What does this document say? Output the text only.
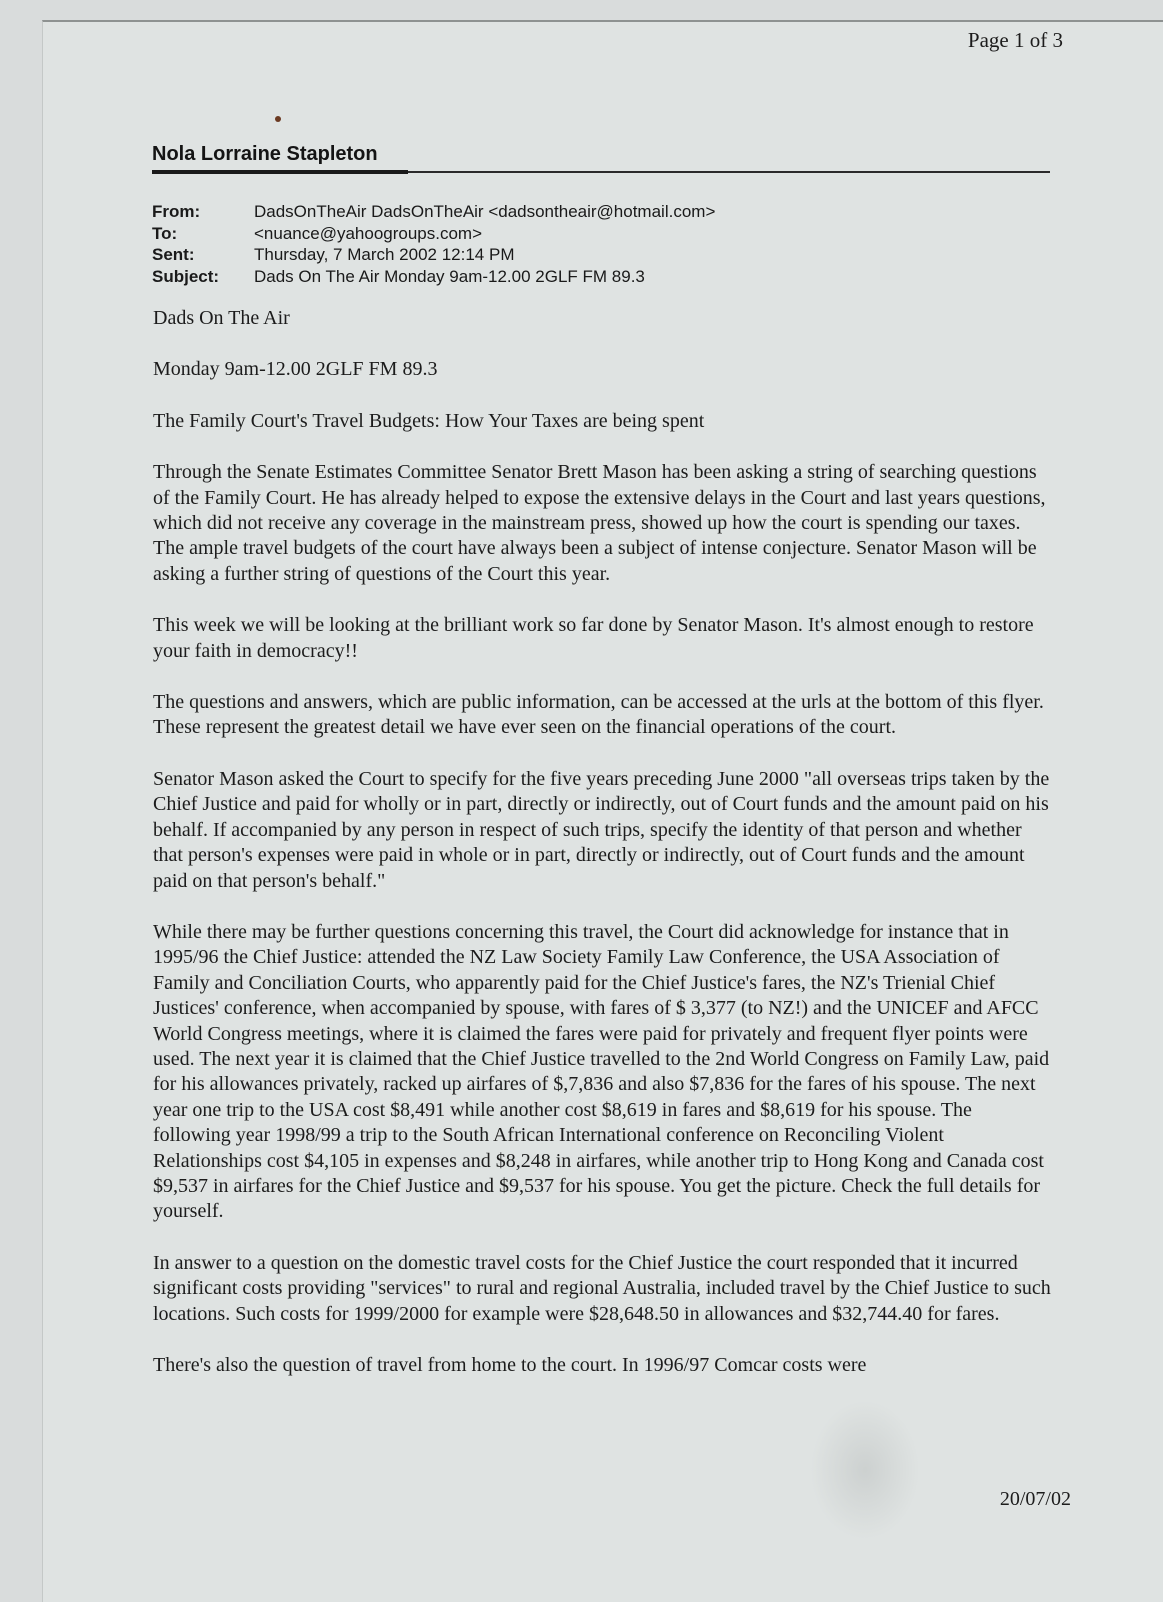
Page 1 of 3
Nola Lorraine Stapleton
From:	DadsOnTheAir DadsOnTheAir <dadsontheair@hotmail.com>
To:	<nuance@yahoogroups.com>
Sent:	Thursday, 7 March 2002 12:14 PM
Subject:	Dads On The Air Monday 9am-12.00 2GLF FM 89.3

Dads On The Air

Monday 9am-12.00 2GLF FM 89.3

The Family Court's Travel Budgets: How Your Taxes are being spent

Through the Senate Estimates Committee Senator Brett Mason has been asking a string of searching questions of the Family Court. He has already helped to expose the extensive delays in the Court and last years questions, which did not receive any coverage in the mainstream press, showed up how the court is spending our taxes. The ample travel budgets of the court have always been a subject of intense conjecture. Senator Mason will be asking a further string of questions of the Court this year.

This week we will be looking at the brilliant work so far done by Senator Mason. It's almost enough to restore your faith in democracy!!

The questions and answers, which are public information, can be accessed at the urls at the bottom of this flyer. These represent the greatest detail we have ever seen on the financial operations of the court.

Senator Mason asked the Court to specify for the five years preceding June 2000 "all overseas trips taken by the Chief Justice and paid for wholly or in part, directly or indirectly, out of Court funds and the amount paid on his behalf. If accompanied by any person in respect of such trips, specify the identity of that person and whether that person's expenses were paid in whole or in part, directly or indirectly, out of Court funds and the amount paid on that person's behalf."

While there may be further questions concerning this travel, the Court did acknowledge for instance that in 1995/96 the Chief Justice: attended the NZ Law Society Family Law Conference, the USA Association of Family and Conciliation Courts, who apparently paid for the Chief Justice's fares, the NZ's Trienial Chief Justices' conference, when accompanied by spouse, with fares of $ 3,377 (to NZ!) and the UNICEF and AFCC World Congress meetings, where it is claimed the fares were paid for privately and frequent flyer points were used. The next year it is claimed that the Chief Justice travelled to the 2nd World Congress on Family Law, paid for his allowances privately, racked up airfares of $,7,836 and also $7,836 for the fares of his spouse. The next year one trip to the USA cost $8,491 while another cost $8,619 in fares and $8,619 for his spouse. The following year 1998/99 a trip to the South African International conference on Reconciling Violent Relationships cost $4,105 in expenses and $8,248 in airfares, while another trip to Hong Kong and Canada cost $9,537 in airfares for the Chief Justice and $9,537 for his spouse. You get the picture. Check the full details for yourself.

In answer to a question on the domestic travel costs for the Chief Justice the court responded that it incurred significant costs providing "services" to rural and regional Australia, included travel by the Chief Justice to such locations. Such costs for 1999/2000 for example were $28,648.50 in allowances and $32,744.40 for fares.

There's also the question of travel from home to the court. In 1996/97 Comcar costs were

20/07/02
